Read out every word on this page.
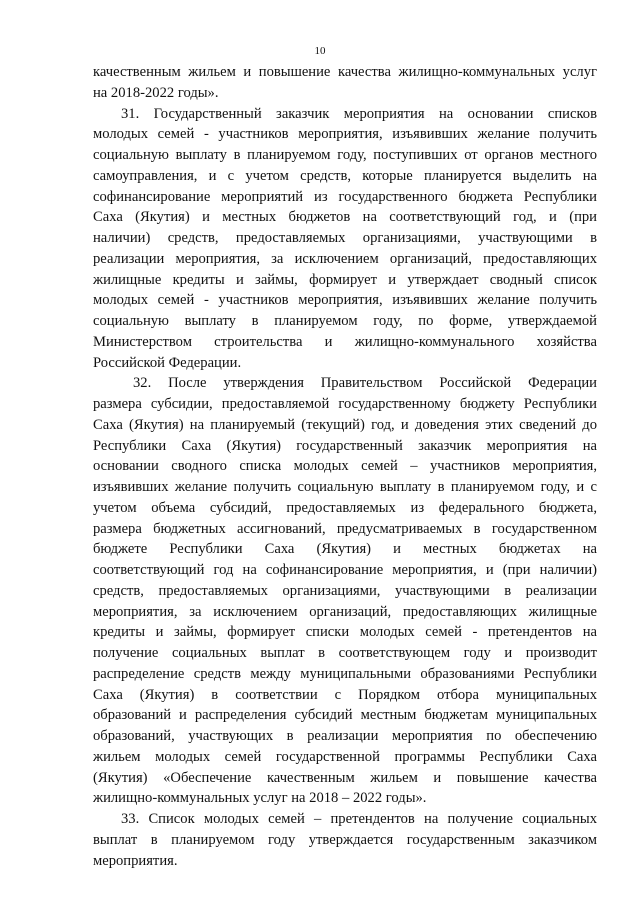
10
качественным жильем и повышение качества жилищно-коммунальных услуг
на 2018-2022 годы».
31. Государственный заказчик мероприятия на основании списков
молодых семей - участников мероприятия, изъявивших желание получить
социальную выплату в планируемом году, поступивших от органов местного
самоуправления, и с учетом средств, которые планируется выделить на
софинансирование мероприятий из государственного бюджета Республики
Саха (Якутия) и местных бюджетов на соответствующий год, и (при
наличии) средств, предоставляемых организациями, участвующими в
реализации мероприятия, за исключением организаций, предоставляющих
жилищные кредиты и займы, формирует и утверждает сводный список
молодых семей - участников мероприятия, изъявивших желание получить
социальную выплату в планируемом году, по форме, утверждаемой
Министерством строительства и жилищно-коммунального хозяйства
Российской Федерации.
32. После утверждения Правительством Российской Федерации
размера субсидии, предоставляемой государственному бюджету Республики
Саха (Якутия) на планируемый (текущий) год, и доведения этих сведений до
Республики Саха (Якутия) государственный заказчик мероприятия на
основании сводного списка молодых семей – участников мероприятия,
изъявивших желание получить социальную выплату в планируемом году, и с
учетом объема субсидий, предоставляемых из федерального бюджета,
размера бюджетных ассигнований, предусматриваемых в государственном
бюджете Республики Саха (Якутия) и местных бюджетах на
соответствующий год на софинансирование мероприятия, и (при наличии)
средств, предоставляемых организациями, участвующими в реализации
мероприятия, за исключением организаций, предоставляющих жилищные
кредиты и займы, формирует списки молодых семей - претендентов на
получение социальных выплат в соответствующем году и производит
распределение средств между муниципальными образованиями Республики
Саха (Якутия) в соответствии с Порядком отбора муниципальных
образований и распределения субсидий местным бюджетам муниципальных
образований, участвующих в реализации мероприятия по обеспечению
жильем молодых семей государственной программы Республики Саха
(Якутия) «Обеспечение качественным жильем и повышение качества
жилищно-коммунальных услуг на 2018 – 2022 годы».
33. Список молодых семей – претендентов на получение социальных
выплат в планируемом году утверждается государственным заказчиком
мероприятия.
